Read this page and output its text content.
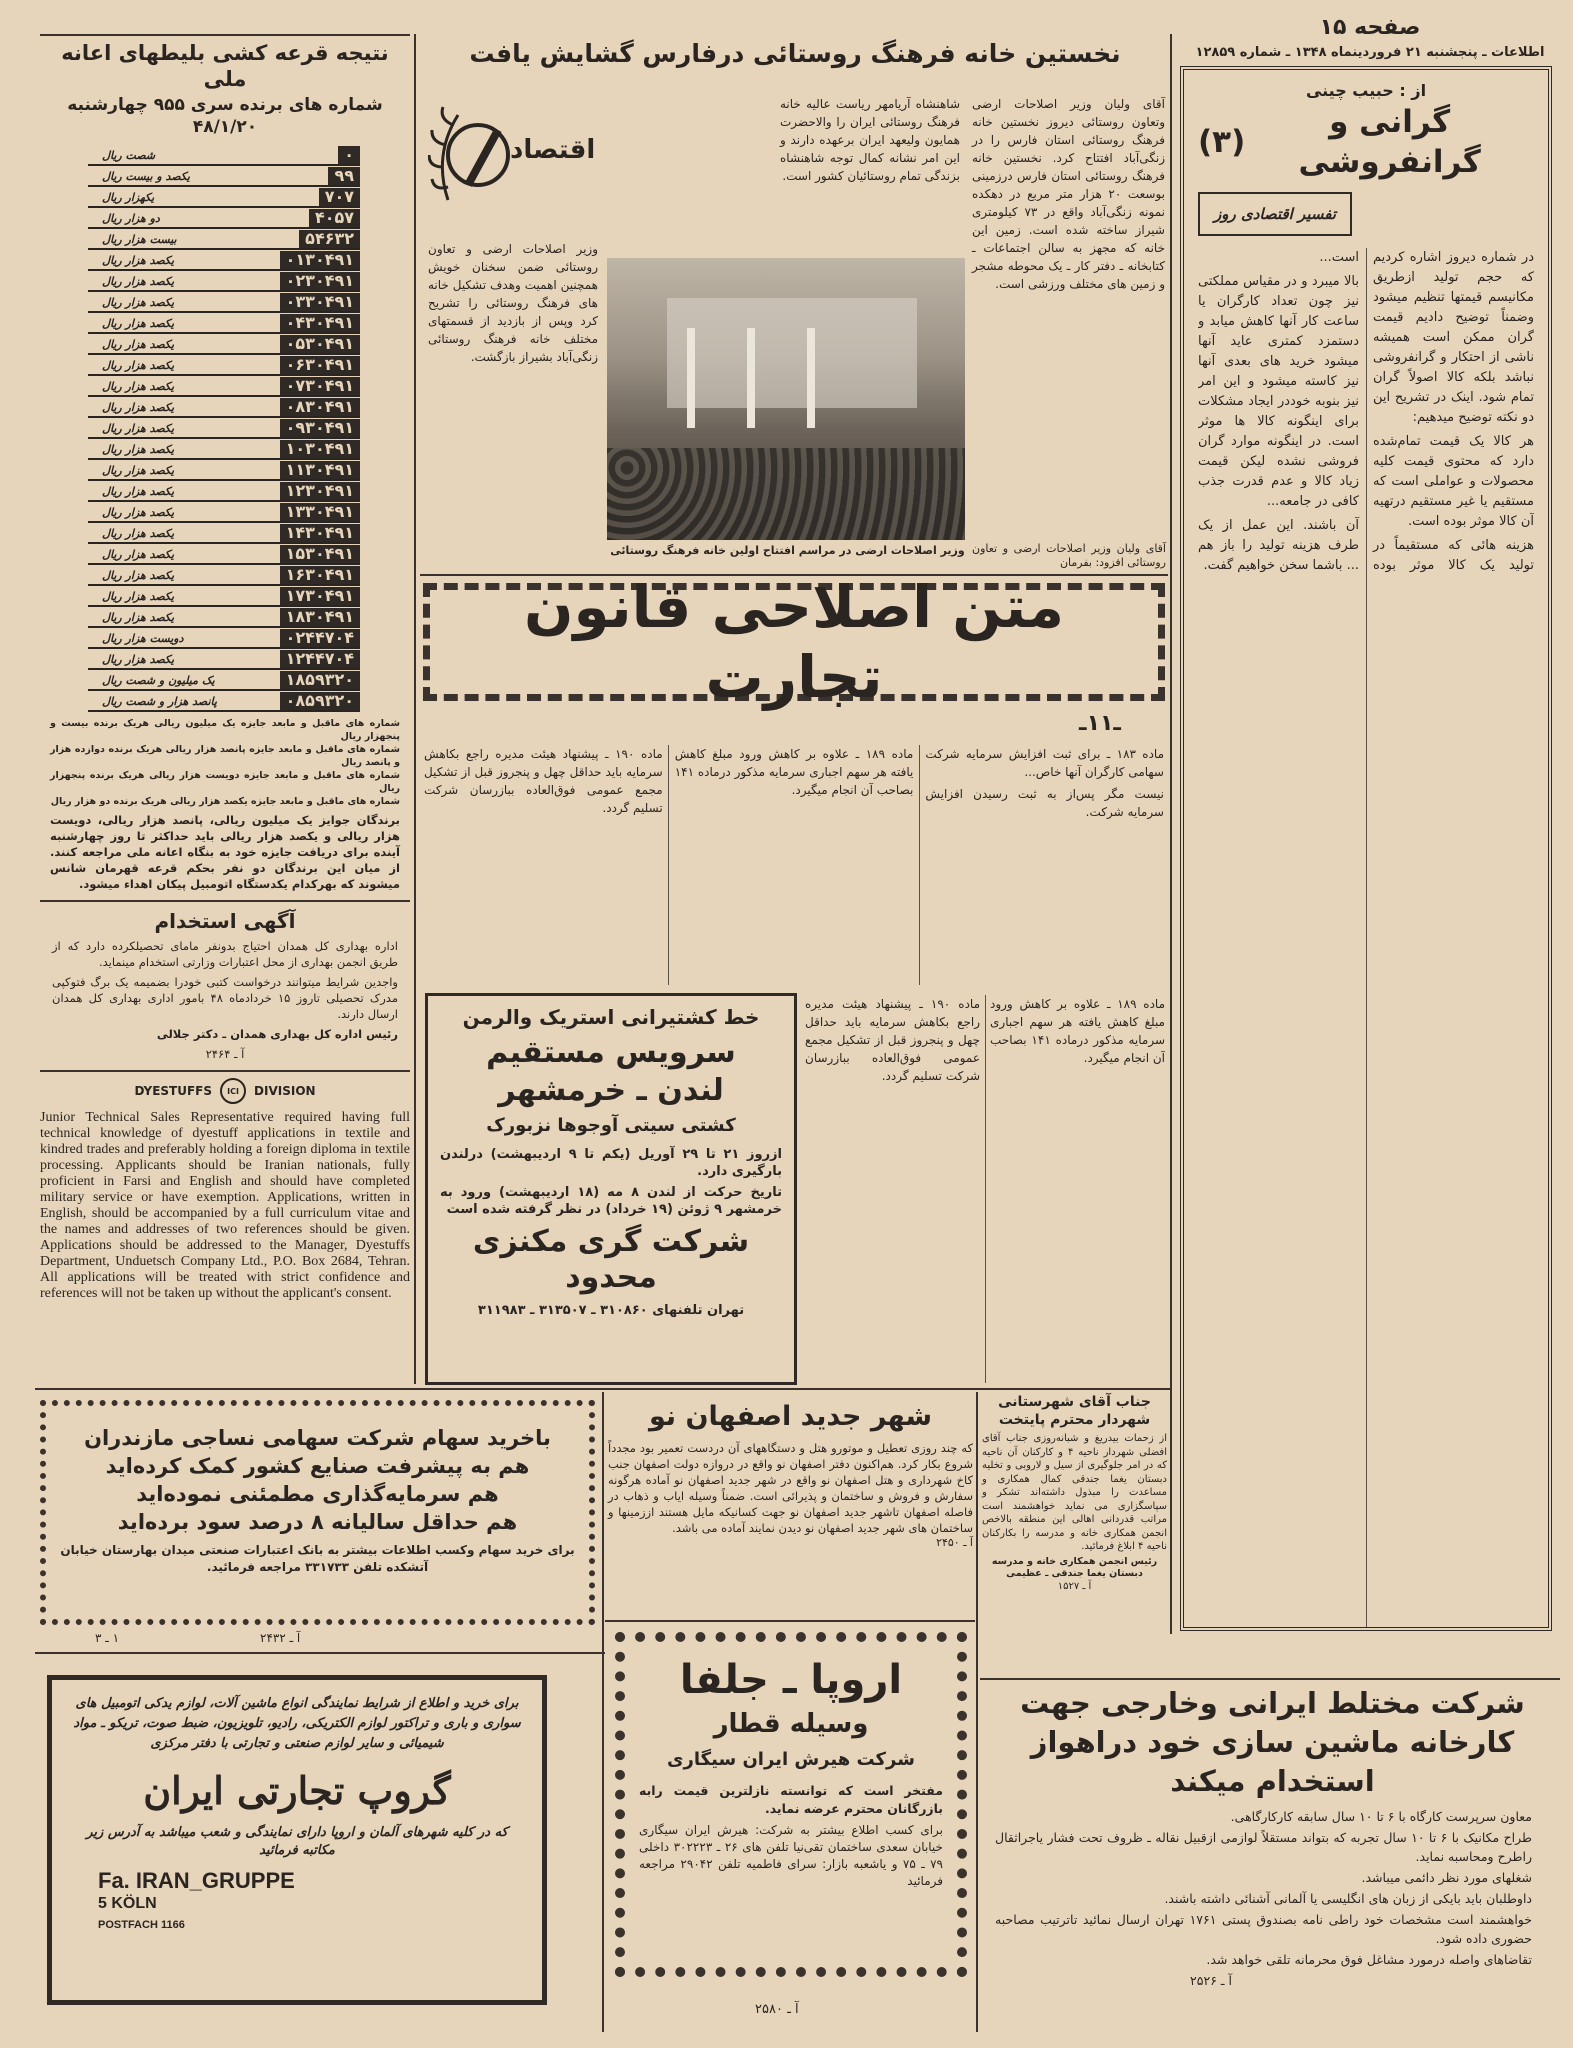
صفحه ۱۵
اطلاعات ـ پنجشنبه ۲۱ فروردینماه ۱۳۴۸ ـ شماره ۱۲۸۵۹
نتیجه قرعه کشی بلیطهای اعانه ملی
شماره های برنده سری ۹۵۵ چهارشنبه ۴۸/۱/۲۰
شصت ریال	۰
یکصد و بیست ریال	۹۹
یکهزار ریال	۷۰۷
دو هزار ریال	۴۰۵۷
بیست هزار ریال	۵۴۶۳۲
یکصد هزار ریال	۰۱۳۰۴۹۱
یکصد هزار ریال	۰۲۳۰۴۹۱
یکصد هزار ریال	۰۳۳۰۴۹۱
یکصد هزار ریال	۰۴۳۰۴۹۱
یکصد هزار ریال	۰۵۳۰۴۹۱
یکصد هزار ریال	۰۶۳۰۴۹۱
یکصد هزار ریال	۰۷۳۰۴۹۱
یکصد هزار ریال	۰۸۳۰۴۹۱
یکصد هزار ریال	۰۹۳۰۴۹۱
یکصد هزار ریال	۱۰۳۰۴۹۱
یکصد هزار ریال	۱۱۳۰۴۹۱
یکصد هزار ریال	۱۲۳۰۴۹۱
یکصد هزار ریال	۱۳۳۰۴۹۱
یکصد هزار ریال	۱۴۳۰۴۹۱
یکصد هزار ریال	۱۵۳۰۴۹۱
یکصد هزار ریال	۱۶۳۰۴۹۱
یکصد هزار ریال	۱۷۳۰۴۹۱
یکصد هزار ریال	۱۸۳۰۴۹۱
دویست هزار ریال	۰۲۴۴۷۰۴
یکصد هزار ریال	۱۲۴۴۷۰۴
یک میلیون و شصت ریال	۱۸۵۹۳۲۰
پانصد هزار و شصت ریال	۰۸۵۹۳۲۰
شماره های ماقبل و مابعد جایزه یک میلیون ریالی هریک برنده بیست و پنجهزار ریال
شماره های ماقبل و مابعد جایزه پانصد هزار ریالی هریک برنده دوازده هزار و پانصد ریال
شماره های ماقبل و مابعد جایزه دویست هزار ریالی هریک برنده پنجهزار ریال
شماره های ماقبل و مابعد جایزه یکصد هزار ریالی هریک برنده دو هزار ریال
برندگان جوایز یک میلیون ریالی، پانصد هزار ریالی، دویست هزار ریالی و یکصد هزار ریالی باید حداکثر تا روز چهارشنبه آینده برای دریافت جایزه خود به بنگاه اعانه ملی مراجعه کنند. از میان این برندگان دو نفر بحکم قرعه قهرمان شانس میشوند که بهرکدام یکدستگاه اتومبیل پیکان اهداء میشود.
آگهی استخدام

اداره بهداری کل همدان احتیاج بدونفر مامای تحصیلکرده دارد که از طریق انجمن بهداری از محل اعتبارات وزارتی استخدام مینماید.

واجدین شرایط میتوانند درخواست کتبی خودرا بضمیمه یک برگ فتوکپی مدرک تحصیلی تاروز ۱۵ خردادماه ۴۸ بامور اداری بهداری کل همدان ارسال دارند.

رئیس اداره کل بهداری همدان ـ دکتر جلالی

آ ـ ۲۴۶۴

DYESTUFFS	ICI	DIVISION
Junior Technical Sales Representative required having full technical knowledge of dyestuff applications in textile and kindred trades and preferably holding a foreign diploma in textile processing. Applicants should be Iranian nationals, fully proficient in Farsi and English and should have completed military service or have exemption. Applications, written in English, should be accompanied by a full curriculum vitae and the names and addresses of two references should be given. Applications should be addressed to the Manager, Dyestuffs Department, Unduetsch Company Ltd., P.O. Box 2684, Tehran. All applications will be treated with strict confidence and references will not be taken up without the applicant's consent.
نخستین خانه فرهنگ روستائی درفارس گشایش یافت
اقتصاد

آقای ولیان وزیر اصلاحات ارضی وتعاون روستائی دیروز نخستین خانه فرهنگ روستائی استان فارس را در زنگی‌آباد افتتاح کرد. نخستین خانه فرهنگ روستائی استان فارس درزمینی بوسعت ۲۰ هزار متر مربع در دهکده نمونه زنگی‌آباد واقع در ۷۳ کیلومتری شیراز ساخته شده است. زمین این خانه که مجهز به سالن اجتماعات ـ کتابخانه ـ دفتر کار ـ یک محوطه مشجر و زمین های مختلف ورزشی است.

شاهنشاه آریامهر ریاست عالیه خانه فرهنگ روستائی ایران را والاحضرت همایون ولیعهد ایران برعهده دارند و این امر نشانه کمال توجه شاهنشاه بزندگی تمام روستائیان کشور است.

وزیر اصلاحات ارضی و تعاون روستائی ضمن سخنان خویش همچنین اهمیت وهدف تشکیل خانه های فرهنگ روستائی را تشریح کرد وپس از بازدید از قسمتهای مختلف خانه فرهنگ روستائی زنگی‌آباد بشیراز بازگشت.

وزیر اصلاحات ارضی در مراسم افتتاح اولین خانه فرهنگ روستائی آقای ولیان وزیر اصلاحات ارضی و تعاون روستائی افزود: بفرمان
متن اصلاحی قانون تجارت
ـ۱۱ـ

ماده ۱۸۳ ـ برای ثبت افزایش سرمایه شرکت سهامی کارگران آنها خاص...

نیست مگر پس‌از به ثبت رسیدن افزایش سرمایه شرکت.

ماده ۱۸۹ ـ علاوه بر کاهش ورود مبلغ کاهش یافته هر سهم اجباری سرمایه مذکور درماده ۱۴۱ بصاحب آن انجام میگیرد.

ماده ۱۹۰ ـ پیشنهاد هیئت مدیره راجع بکاهش سرمایه باید حداقل چهل و پنجروز قبل از تشکیل مجمع عمومی فوق‌العاده ببازرسان شرکت تسلیم گردد.

خط کشتیرانی استریک والرمن
سرویس مستقیم
لندن ـ خرمشهر
کشتی سیتی آوجوها نزبورک

ازروز ۲۱ تا ۲۹ آوریل (یکم تا ۹ اردیبهشت) درلندن بارگیری دارد.

تاریخ حرکت از لندن ۸ مه (۱۸ اردیبهشت) ورود به خرمشهر ۹ ژوئن (۱۹ خرداد) در نظر گرفته شده است

شرکت گری مکنزی محدود
تهران تلفنهای ۳۱۰۸۶۰ ـ ۳۱۳۵۰۷ ـ ۳۱۱۹۸۳

ماده ۱۸۹ ـ علاوه بر کاهش ورود مبلغ کاهش یافته هر سهم اجباری سرمایه مذکور درماده ۱۴۱ بصاحب آن انجام میگیرد.

ماده ۱۹۰ ـ پیشنهاد هیئت مدیره راجع بکاهش سرمایه باید حداقل چهل و پنجروز قبل از تشکیل مجمع عمومی فوق‌العاده ببازرسان شرکت تسلیم گردد.

از : حبیب چینی
گرانی و گرانفروشی
(۳)
تفسیر اقتصادی روز

در شماره دیروز اشاره کردیم که حجم تولید ازطریق مکانیسم قیمتها تنظیم میشود وضمناً توضیح دادیم قیمت گران ممکن است همیشه ناشی از احتکار و گرانفروشی نباشد بلکه کالا اصولاً گران تمام شود. اینک در تشریح این دو نکته توضیح میدهیم:

هر کالا یک قیمت تمام‌شده دارد که محتوی قیمت کلیه محصولات و عواملی است که مستقیم یا غیر مستقیم درتهیه آن کالا موثر بوده است.

هزینه هائی که مستقیماً در تولید یک کالا موثر بوده است...

بالا میبرد و در مقیاس مملکتی نیز چون تعداد کارگران یا ساعت کار آنها کاهش میابد و دستمزد کمتری عاید آنها میشود خرید های بعدی آنها نیز کاسته میشود و این امر نیز بنوبه خوددر ایجاد مشکلات برای اینگونه کالا ها موثر است. در اینگونه موارد گران فروشی نشده لیکن قیمت زیاد کالا و عدم قدرت جذب کافی در جامعه...

آن باشند. این عمل از یک طرف هزینه تولید را باز هم ... باشما سخن خواهیم گفت.

باخرید سهام شرکت سهامی نساجی مازندران
هم به پیشرفت صنایع کشور کمک کرده‌اید
هم سرمایه‌گذاری مطمئنی نموده‌اید
هم حداقل سالیانه ۸ درصد سود برده‌اید
برای خرید سهام وکسب اطلاعات بیشتر به بانک اعتبارات صنعتی میدان بهارستان خیابان آتشکده تلفن ۳۳۱۷۳۳ مراجعه فرمائید.
آ ـ ۲۴۳۲
۱ ـ ۳
شهر جدید اصفهان نو
که چند روزی تعطیل و موتورو هتل و دستگاههای آن دردست تعمیر بود مجدداً شروع بکار کرد. هم‌اکنون دفتر اصفهان نو واقع در دروازه دولت اصفهان جنب کاخ شهرداری و هتل اصفهان نو واقع در شهر جدید اصفهان نو آماده هرگونه سفارش و فروش و ساختمان و پذیرائی است. ضمناً وسیله ایاب و ذهاب در فاصله اصفهان تاشهر جدید اصفهان نو جهت کسانیکه مایل هستند اززمینها و ساختمان های شهر جدید اصفهان نو دیدن نمایند آماده می باشد.
آ ـ ۲۴۵۰
جناب آقای شهرستانی
شهردار محترم پایتخت
از زحمات بیدریغ و شبانه‌روزی جناب آقای افضلی شهردار ناحیه ۴ و کارکنان آن ناحیه که در امر جلوگیری از سیل و لاروبی و تخلیه دبستان یغما جندقی کمال همکاری و مساعدت را مبذول داشته‌اند تشکر و سپاسگزاری می نماید خواهشمند است مراتب قدردانی اهالی این منطقه بالاخص انجمن همکاری خانه و مدرسه را بکارکنان ناحیه ۴ ابلاغ فرمائید.
رئیس انجمن همکاری خانه و مدرسه دبستان یغما جندقی ـ عظیمی
آ ـ ۱۵۲۷
برای خرید و اطلاع از شرایط نمایندگی انواع ماشین آلات، لوازم یدکی اتومبیل های سواری و باری و تراکتور لوازم الکتریکی، رادیو، تلویزیون، ضبط صوت، تریکو ـ مواد شیمیائی و سایر لوازم صنعتی و تجارتی با دفتر مرکزی
گروپ تجارتی ایران
که در کلیه شهرهای آلمان و اروپا دارای نمایندگی و شعب میباشد به آدرس زیر مکاتبه فرمائید
Fa. IRAN_GRUPPE
5 KÖLN
POSTFACH 1166
اروپا ـ جلفا
وسیله قطار
شرکت هیرش ایران سیگاری

مفتخر است که توانسته نازلترین قیمت رابه بازرگانان محترم عرضه نماید.

برای کسب اطلاع بیشتر به شرکت: هیرش ایران سیگاری خیابان سعدی ساختمان تقی‌نیا تلفن های ۲۶ ـ ۳۰۲۲۲۳ داخلی ۷۹ ـ ۷۵ و یاشعبه بازار: سرای فاطمیه تلفن ۲۹۰۴۲ مراجعه فرمائید

آ ـ ۲۵۸۰
شرکت مختلط ایرانی وخارجی جهت
کارخانه ماشین سازی خود دراهواز
استخدام میکند

معاون سرپرست کارگاه با ۶ تا ۱۰ سال سابقه کارکارگاهی.

طراح مکانیک با ۶ تا ۱۰ سال تجربه که بتواند مستقلاً لوازمی ازقبیل نقاله ـ ظروف تحت فشار یاجراثقال راطرح ومحاسبه نماید.

شغلهای مورد نظر دائمی میباشد.

داوطلبان باید بایکی از زبان های انگلیسی یا آلمانی آشنائی داشته باشند.

خواهشمند است مشخصات خود راطی نامه بصندوق پستی ۱۷۶۱ تهران ارسال نمائید تاترتیب مصاحبه حضوری داده شود.

تقاضاهای واصله درمورد مشاغل فوق محرمانه تلقی خواهد شد.

آ ـ ۲۵۲۶
